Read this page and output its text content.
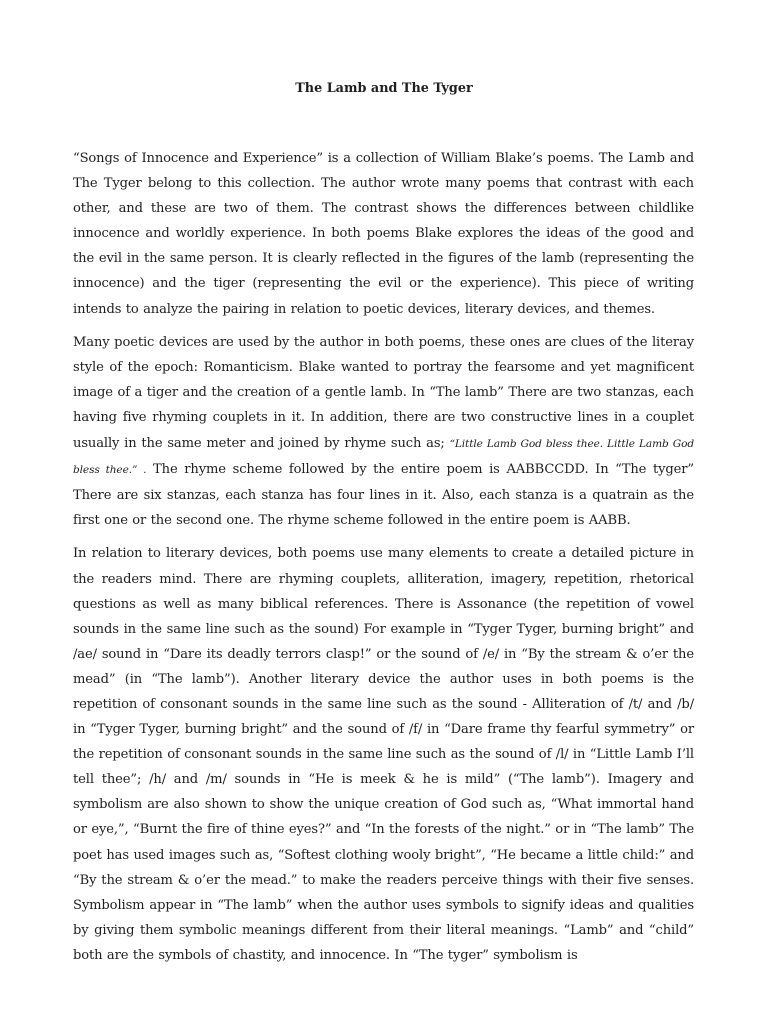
The Lamb and The Tyger

“Songs of Innocence and Experience” is a collection of William Blake’s poems. The Lamb and The Tyger belong to this collection. The author wrote many poems that contrast with each other, and these are two of them. The contrast shows the differences between childlike innocence and worldly experience. In both poems Blake explores the ideas of the good and the evil in the same person. It is clearly reflected in the figures of the lamb (representing the innocence) and the tiger (representing the evil or the experience). This piece of writing intends to analyze the pairing in relation to poetic devices, literary devices, and themes.

Many poetic devices are used by the author in both poems, these ones are clues of the literay style of the epoch: Romanticism. Blake wanted to portray the fearsome and yet magnificent image of a tiger and the creation of a gentle lamb. In “The lamb” There are two stanzas, each having five rhyming couplets in it. In addition, there are two constructive lines in a couplet usually in the same meter and joined by rhyme such as; “Little Lamb God bless thee. Little Lamb God bless thee.” . The rhyme scheme followed by the entire poem is AABBCCDD. In “The tyger” There are six stanzas, each stanza has four lines in it. Also, each stanza is a quatrain as the first one or the second one. The rhyme scheme followed in the entire poem is AABB.

In relation to literary devices, both poems use many elements to create a detailed picture in the readers mind. There are rhyming couplets, alliteration, imagery, repetition, rhetorical questions as well as many biblical references. There is Assonance (the repetition of vowel sounds in the same line such as the sound) For example in “Tyger Tyger, burning bright” and /ae/ sound in “Dare its deadly terrors clasp!” or the sound of /e/ in “By the stream & o’er the mead” (in “The lamb”). Another literary device the author uses in both poems is the repetition of consonant sounds in the same line such as the sound - Alliteration of /t/ and /b/ in “Tyger Tyger, burning bright” and the sound of /f/ in “Dare frame thy fearful symmetry” or the repetition of consonant sounds in the same line such as the sound of /l/ in “Little Lamb I’ll tell thee”; /h/ and /m/ sounds in “He is meek & he is mild” (“The lamb”). Imagery and symbolism are also shown to show the unique creation of God such as, “What immortal hand or eye,”, “Burnt the fire of thine eyes?” and “In the forests of the night.” or in “The lamb” The poet has used images such as, “Softest clothing wooly bright”, “He became a little child:” and “By the stream & o’er the mead.” to make the readers perceive things with their five senses. Symbolism appear in “The lamb” when the author uses symbols to signify ideas and qualities by giving them symbolic meanings different from their literal meanings. “Lamb” and “child” both are the symbols of chastity, and innocence. In “The tyger” symbolism is
